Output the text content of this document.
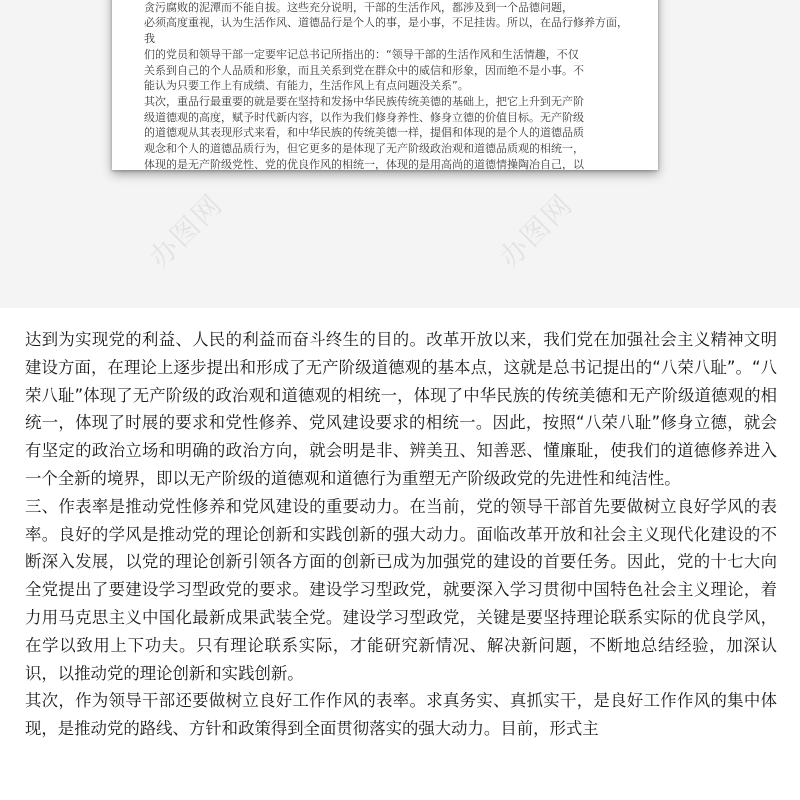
贪污腐败的泥潭而不能自拔。这些充分说明，干部的生活作风，都涉及到一个品德问题，

必须高度重视，认为生活作风、道德品行是个人的事，是小事，不足挂齿。所以，在品行修养方面，我

们的党员和领导干部一定要牢记总书记所指出的：“领导干部的生活作风和生活情趣，不仅

关系到自己的个人品质和形象，而且关系到党在群众中的威信和形象，因而绝不是小事。不

能认为只要工作上有成绩、有能力，生活作风上有点问题没关系”。

其次，重品行最重要的就是要在坚持和发扬中华民族传统美德的基础上，把它上升到无产阶

级道德观的高度，赋予时代新内容，以作为我们修身养性、修身立德的价值目标。无产阶级

的道德观从其表现形式来看，和中华民族的传统美德一样，提倡和体现的是个人的道德品质

观念和个人的道德品质行为，但它更多的是体现了无产阶级政治观和道德品质观的相统一，

体现的是无产阶级党性、党的优良作风的相统一，体现的是用高尚的道德情操陶冶自己，以

办图网	办图网

达到为实现党的利益、人民的利益而奋斗终生的目的。改革开放以来，我们党在加强社会主义精神文明建设方面，在理论上逐步提出和形成了无产阶级道德观的基本点，这就是总书记提出的“八荣八耻”。“八荣八耻”体现了无产阶级的政治观和道德观的相统一，体现了中华民族的传统美德和无产阶级道德观的相统一，体现了时展的要求和党性修养、党风建设要求的相统一。因此，按照“八荣八耻”修身立德，就会有坚定的政治立场和明确的政治方向，就会明是非、辨美丑、知善恶、懂廉耻，使我们的道德修养进入一个全新的境界，即以无产阶级的道德观和道德行为重塑无产阶级政党的先进性和纯洁性。

三、作表率是推动党性修养和党风建设的重要动力。在当前，党的领导干部首先要做树立良好学风的表率。良好的学风是推动党的理论创新和实践创新的强大动力。面临改革开放和社会主义现代化建设的不断深入发展，以党的理论创新引领各方面的创新已成为加强党的建设的首要任务。因此，党的十七大向全党提出了要建设学习型政党的要求。建设学习型政党，就要深入学习贯彻中国特色社会主义理论，着力用马克思主义中国化最新成果武装全党。建设学习型政党，关键是要坚持理论联系实际的优良学风，在学以致用上下功夫。只有理论联系实际，才能研究新情况、解决新问题，不断地总结经验，加深认识，以推动党的理论创新和实践创新。

其次，作为领导干部还要做树立良好工作作风的表率。求真务实、真抓实干，是良好工作作风的集中体现，是推动党的路线、方针和政策得到全面贯彻落实的强大动力。目前，形式主
